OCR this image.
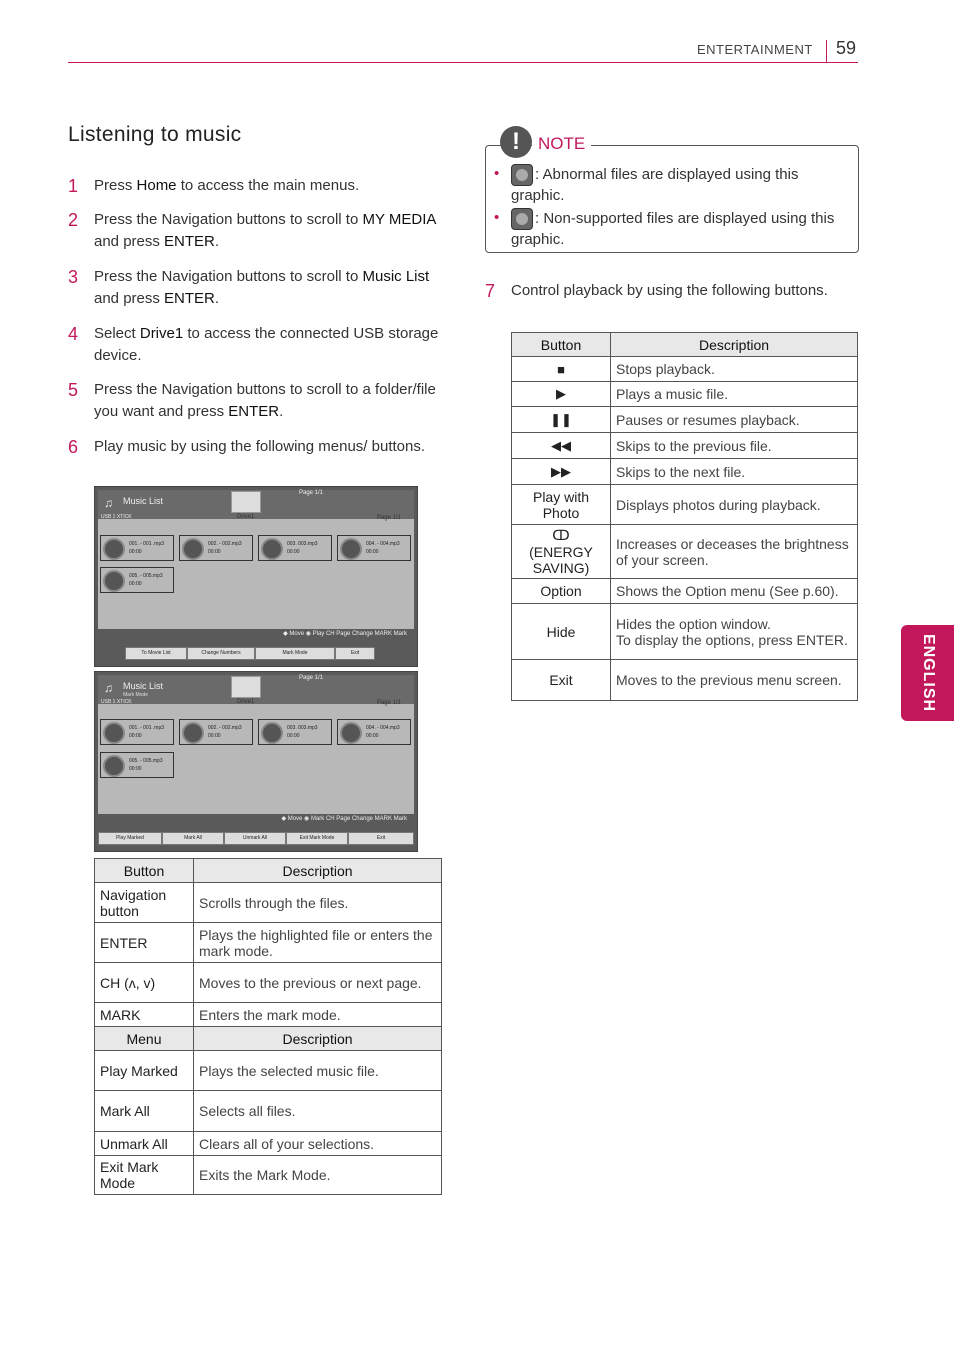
ENTERTAINMENT 59
ENGLISH
Listening to music
1 Press Home to access the main menus.
2 Press the Navigation buttons to scroll to MY MEDIA and press ENTER.
3 Press the Navigation buttons to scroll to Music List and press ENTER.
4 Select Drive1 to access the connected USB storage device.
5 Press the Navigation buttons to scroll to a folder/file you want and press ENTER.
6 Play music by using the following menus/ buttons.
♫ Music List
Drive1
Page 1/1
USB 1 XTICK	Page 1/1
001. - 001 .mp3
00:00
002. - 002.mp3
00:00
003. 003.mp3
00:00
004. - 004.mp3
00:00
005. - 005.mp3
00:00
◆ Move ◉ Play CH Page Change MARK Mark
To Movie List	Change Numbers	Mark Mode	Exit
♫ Music List
Mark Mode
Drive1
Page 1/1
USB 1 XTICK	Page 1/1
001. - 001 .mp3
00:00
002. - 002.mp3
00:00
003. 003.mp3
00:00
004. - 004.mp3
00:00
005. - 005.mp3
00:00
◆ Move ◉ Mark CH Page Change MARK Mark
Play Marked	Mark All	Unmark All	Exit Mark Mode	Exit
Button	Description
Navigation button	Scrolls through the files.
ENTER	Plays the highlighted file or enters the mark mode.
CH (ᴧ, ᴠ)	Moves to the previous or next page.
MARK	Enters the mark mode.
Menu	Description
Play Marked	Plays the selected music file.
Mark All	Selects all files.
Unmark All	Clears all of your selections.
Exit Mark Mode	Exits the Mark Mode.
!	NOTE
•	: Abnormal files are displayed using this graphic.
•	: Non-supported files are displayed using this graphic.
7 Control playback by using the following buttons.
Button	Description
■	Stops playback.
▶	Plays a music file.
❚❚	Pauses or resumes playback.
◀◀	Skips to the previous file.
▶▶	Skips to the next file.
Play with Photo	Displays photos during playback.
ↀ
(ENERGY SAVING)	Increases or deceases the brightness of your screen.
Option	Shows the Option menu (See p.60).
Hide	Hides the option window.
To display the options, press ENTER.
Exit	Moves to the previous menu screen.
